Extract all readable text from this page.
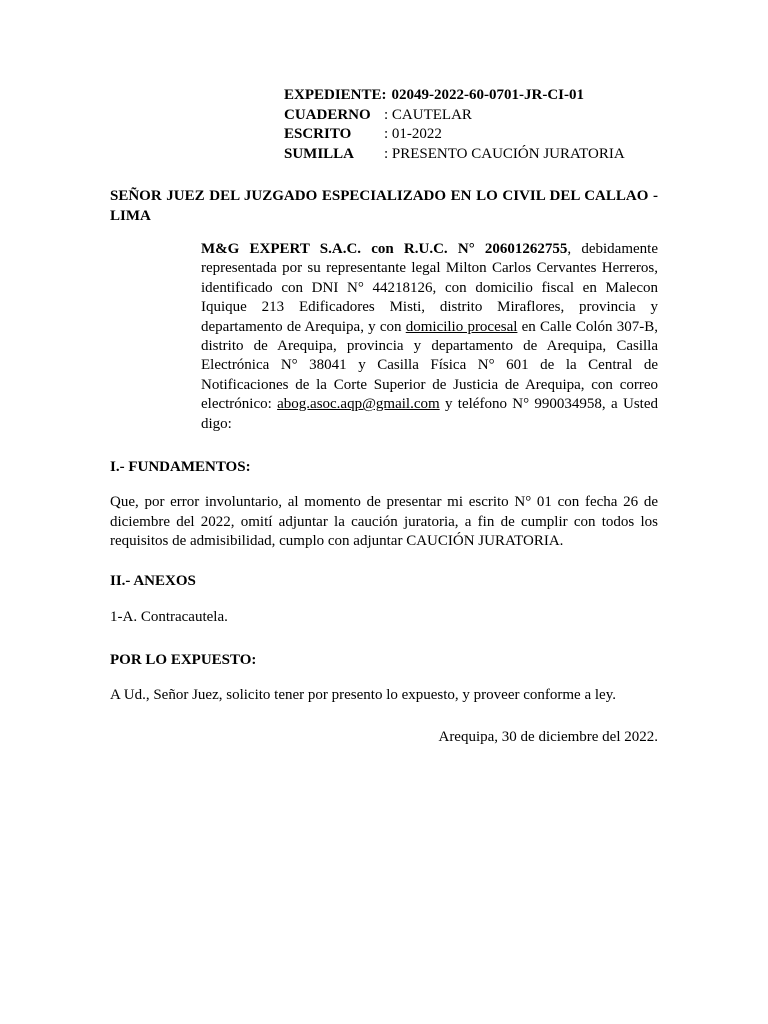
EXPEDIENTE: 02049-2022-60-0701-JR-CI-01
CUADERNO : CAUTELAR
ESCRITO	: 01-2022
SUMILLA	: PRESENTO CAUCIÓN JURATORIA
SEÑOR JUEZ DEL JUZGADO ESPECIALIZADO EN LO CIVIL DEL CALLAO - LIMA
M&G EXPERT S.A.C. con R.U.C. N° 20601262755, debidamente representada por su representante legal Milton Carlos Cervantes Herreros, identificado con DNI N° 44218126, con domicilio fiscal en Malecon Iquique 213 Edificadores Misti, distrito Miraflores, provincia y departamento de Arequipa, y con domicilio procesal en Calle Colón 307-B, distrito de Arequipa, provincia y departamento de Arequipa, Casilla Electrónica N° 38041 y Casilla Física N° 601 de la Central de Notificaciones de la Corte Superior de Justicia de Arequipa, con correo electrónico: abog.asoc.aqp@gmail.com y teléfono N° 990034958, a Usted digo:
I.- FUNDAMENTOS:
Que, por error involuntario, al momento de presentar mi escrito N° 01 con fecha 26 de diciembre del 2022, omití adjuntar la caución juratoria, a fin de cumplir con todos los requisitos de admisibilidad, cumplo con adjuntar CAUCIÓN JURATORIA.
II.- ANEXOS
1-A. Contracautela.
POR LO EXPUESTO:
A Ud., Señor Juez, solicito tener por presento lo expuesto, y proveer conforme a ley.
Arequipa, 30 de diciembre del 2022.
